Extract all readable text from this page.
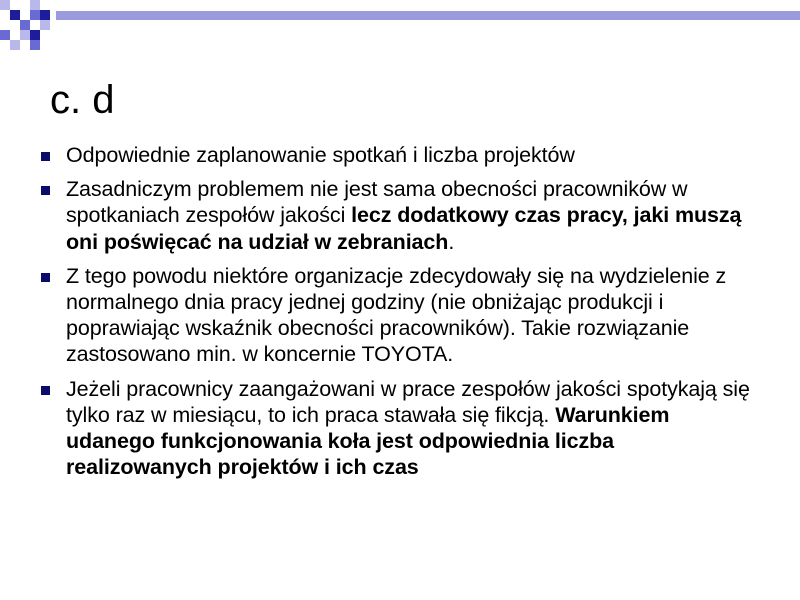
c. d
Odpowiednie zaplanowanie spotkań i liczba projektów
Zasadniczym problemem nie jest sama obecności pracowników w spotkaniach zespołów jakości lecz dodatkowy czas pracy, jaki muszą oni poświęcać na udział w zebraniach.
Z tego powodu niektóre organizacje zdecydowały się na wydzielenie z normalnego dnia pracy jednej godziny (nie obniżając produkcji i poprawiając wskaźnik obecności pracowników). Takie rozwiązanie zastosowano min. w koncernie TOYOTA.
Jeżeli pracownicy zaangażowani w prace zespołów jakości spotykają się tylko raz w miesiącu, to ich praca stawała się fikcją. Warunkiem udanego funkcjonowania koła jest odpowiednia liczba realizowanych projektów i ich czas
